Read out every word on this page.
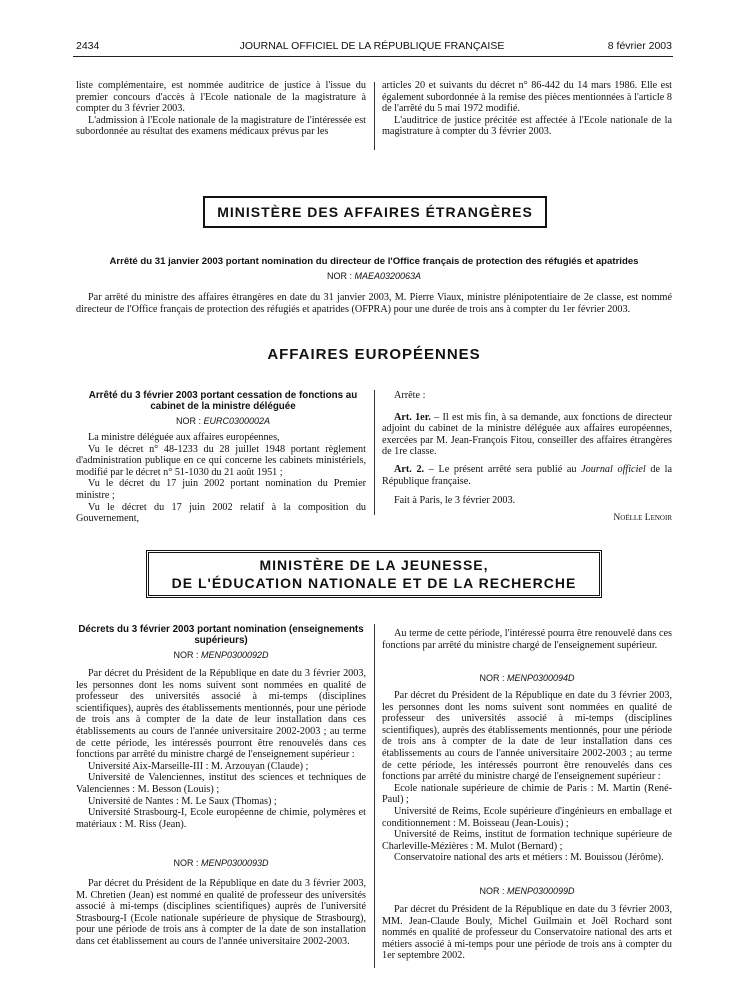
2434	JOURNAL OFFICIEL DE LA RÉPUBLIQUE FRANÇAISE	8 février 2003

liste complémentaire, est nommée auditrice de justice à l'issue du premier concours d'accès à l'Ecole nationale de la magistrature à compter du 3 février 2003.

L'admission à l'Ecole nationale de la magistrature de l'intéressée est subordonnée au résultat des examens médicaux prévus par les

articles 20 et suivants du décret n° 86-442 du 14 mars 1986. Elle est également subordonnée à la remise des pièces mentionnées à l'article 8 de l'arrêté du 5 mai 1972 modifié.

L'auditrice de justice précitée est affectée à l'Ecole nationale de la magistrature à compter du 3 février 2003.

MINISTÈRE DES AFFAIRES ÉTRANGÈRES
Arrêté du 31 janvier 2003 portant nomination du directeur de l'Office français de protection des réfugiés et apatrides
NOR : MAEA0320063A

Par arrêté du ministre des affaires étrangères en date du 31 janvier 2003, M. Pierre Viaux, ministre plénipotentiaire de 2e classe, est nommé directeur de l'Office français de protection des réfugiés et apatrides (OFPRA) pour une durée de trois ans à compter du 1er février 2003.

AFFAIRES EUROPÉENNES
Arrêté du 3 février 2003 portant cessation de fonctions au cabinet de la ministre déléguée
NOR : EURC0300002A

La ministre déléguée aux affaires européennes,

Vu le décret n° 48-1233 du 28 juillet 1948 portant règlement d'administration publique en ce qui concerne les cabinets ministériels, modifié par le décret n° 51-1030 du 21 août 1951 ;

Vu le décret du 17 juin 2002 portant nomination du Premier ministre ;

Vu le décret du 17 juin 2002 relatif à la composition du Gouvernement,

Arrête :

Art. 1er. – Il est mis fin, à sa demande, aux fonctions de directeur adjoint du cabinet de la ministre déléguée aux affaires européennes, exercées par M. Jean-François Fitou, conseiller des affaires étrangères de 1re classe.

Art. 2. – Le présent arrêté sera publié au Journal officiel de la République française.

Fait à Paris, le 3 février 2003.

Noëlle Lenoir

MINISTÈRE DE LA JEUNESSE,
DE L'ÉDUCATION NATIONALE ET DE LA RECHERCHE
Décrets du 3 février 2003 portant nomination (enseignements supérieurs)
NOR : MENP0300092D

Par décret du Président de la République en date du 3 février 2003, les personnes dont les noms suivent sont nommées en qualité de professeur des universités associé à mi-temps (disciplines scientifiques), auprès des établissements mentionnés, pour une période de trois ans à compter de la date de leur installation dans ces établissements au cours de l'année universitaire 2002-2003 ; au terme de cette période, les intéressés pourront être renouvelés dans ces fonctions par arrêté du ministre chargé de l'enseignement supérieur :

Université Aix-Marseille-III : M. Arzouyan (Claude) ;

Université de Valenciennes, institut des sciences et techniques de Valenciennes : M. Besson (Louis) ;

Université de Nantes : M. Le Saux (Thomas) ;

Université Strasbourg-I, Ecole européenne de chimie, polymères et matériaux : M. Riss (Jean).

NOR : MENP0300093D

Par décret du Président de la République en date du 3 février 2003, M. Chretien (Jean) est nommé en qualité de professeur des universités associé à mi-temps (disciplines scientifiques) auprès de l'université Strasbourg-I (Ecole nationale supérieure de physique de Strasbourg), pour une période de trois ans à compter de la date de son installation dans cet établissement au cours de l'année universitaire 2002-2003.

Au terme de cette période, l'intéressé pourra être renouvelé dans ces fonctions par arrêté du ministre chargé de l'enseignement supérieur.

NOR : MENP0300094D

Par décret du Président de la République en date du 3 février 2003, les personnes dont les noms suivent sont nommées en qualité de professeur des universités associé à mi-temps (disciplines scientifiques), auprès des établissements mentionnés, pour une période de trois ans à compter de la date de leur installation dans ces établissements au cours de l'année universitaire 2002-2003 ; au terme de cette période, les intéressés pourront être renouvelés dans ces fonctions par arrêté du ministre chargé de l'enseignement supérieur :

Ecole nationale supérieure de chimie de Paris : M. Martin (René-Paul) ;

Université de Reims, Ecole supérieure d'ingénieurs en emballage et conditionnement : M. Boisseau (Jean-Louis) ;

Université de Reims, institut de formation technique supérieure de Charleville-Mézières : M. Mulot (Bernard) ;

Conservatoire national des arts et métiers : M. Bouissou (Jérôme).

NOR : MENP0300099D

Par décret du Président de la République en date du 3 février 2003, MM. Jean-Claude Bouly, Michel Guilmain et Joël Rochard sont nommés en qualité de professeur du Conservatoire national des arts et métiers associé à mi-temps pour une période de trois ans à compter du 1er septembre 2002.
